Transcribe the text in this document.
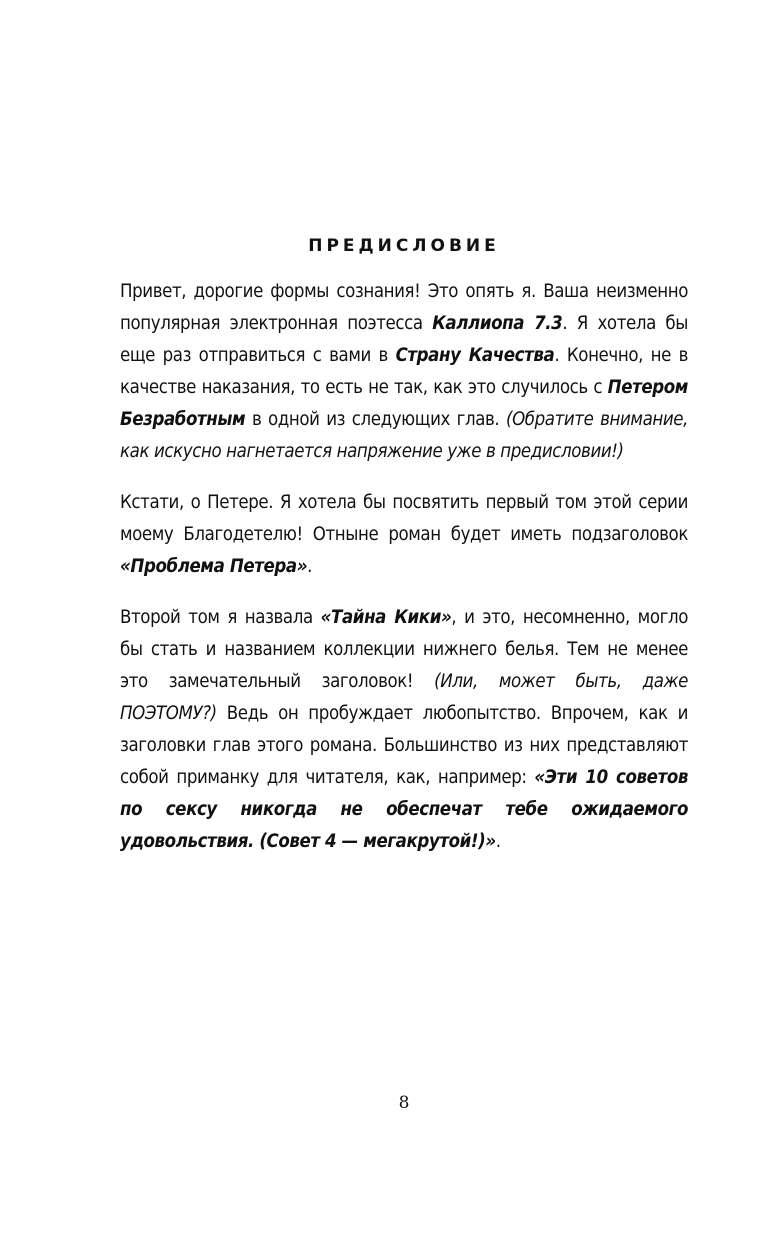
ПРЕДИСЛОВИЕ

Привет, дорогие формы сознания! Это опять я. Ваша неизменно популярная электронная поэтесса Каллиопа 7.3. Я хотела бы еще раз отправиться с вами в Страну Качества. Конечно, не в качестве наказания, то есть не так, как это случилось с Петером Безработным в одной из следующих глав. (Обратите внимание, как искусно нагнетается напряжение уже в предисловии!)

Кстати, о Петере. Я хотела бы посвятить первый том этой серии моему Благодетелю! Отныне роман будет иметь подзаголовок «Проблема Петера».

Второй том я назвала «Тайна Кики», и это, несомненно, могло бы стать и названием коллекции нижнего белья. Тем не менее это замечательный заголовок! (Или, может быть, даже ПОЭТОМУ?) Ведь он пробуждает любопытство. Впрочем, как и заголовки глав этого романа. Большинство из них представляют собой приманку для читателя, как, например: «Эти 10 советов по сексу никогда не обеспечат тебе ожидаемого удовольствия. (Совет 4 — мегакрутой!)».

8
